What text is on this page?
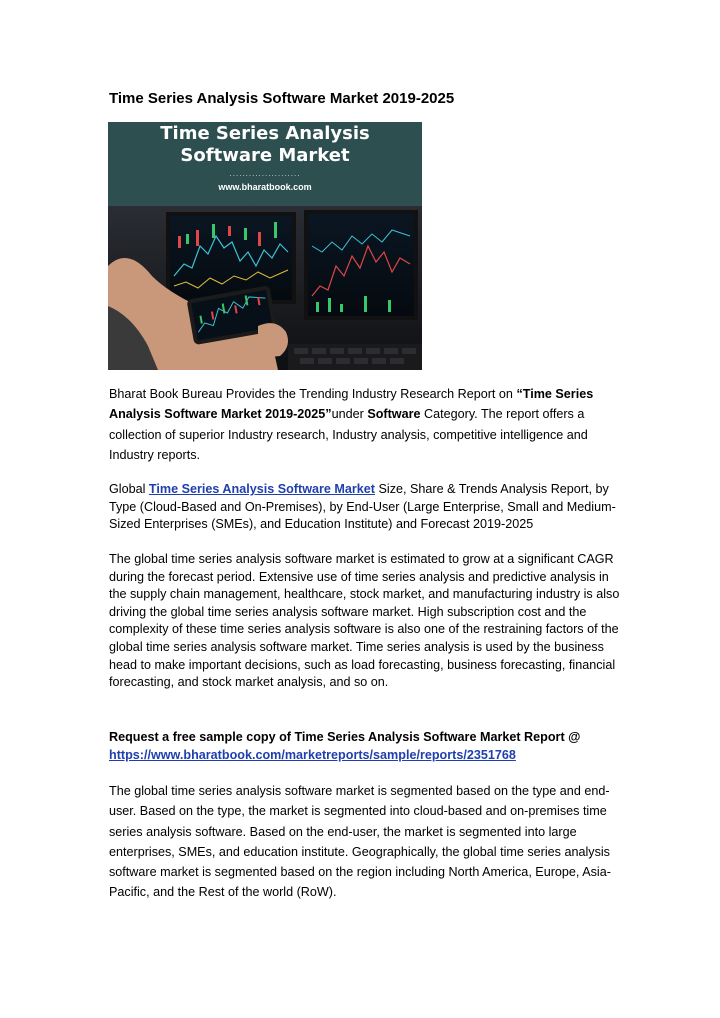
Time Series Analysis Software Market 2019-2025
Time Series Analysis
Software Market
......................
www.bharatbook.com
Bharat Book Bureau Provides the Trending Industry Research Report on “Time Series Analysis Software Market 2019-2025”under Software Category. The report offers a collection of superior Industry research, Industry analysis, competitive intelligence and Industry reports.
Global Time Series Analysis Software Market Size, Share & Trends Analysis Report, by Type (Cloud-Based and On-Premises), by End-User (Large Enterprise, Small and Medium-Sized Enterprises (SMEs), and Education Institute) and Forecast 2019-2025
The global time series analysis software market is estimated to grow at a significant CAGR during the forecast period. Extensive use of time series analysis and predictive analysis in the supply chain management, healthcare, stock market, and manufacturing industry is also driving the global time series analysis software market. High subscription cost and the complexity of these time series analysis software is also one of the restraining factors of the global time series analysis software market. Time series analysis is used by the business head to make important decisions, such as load forecasting, business forecasting, financial forecasting, and stock market analysis, and so on.
Request a free sample copy of Time Series Analysis Software Market Report @ https://www.bharatbook.com/marketreports/sample/reports/2351768
The global time series analysis software market is segmented based on the type and end-user. Based on the type, the market is segmented into cloud-based and on-premises time series analysis software. Based on the end-user, the market is segmented into large enterprises, SMEs, and education institute. Geographically, the global time series analysis software market is segmented based on the region including North America, Europe, Asia-Pacific, and the Rest of the world (RoW).
